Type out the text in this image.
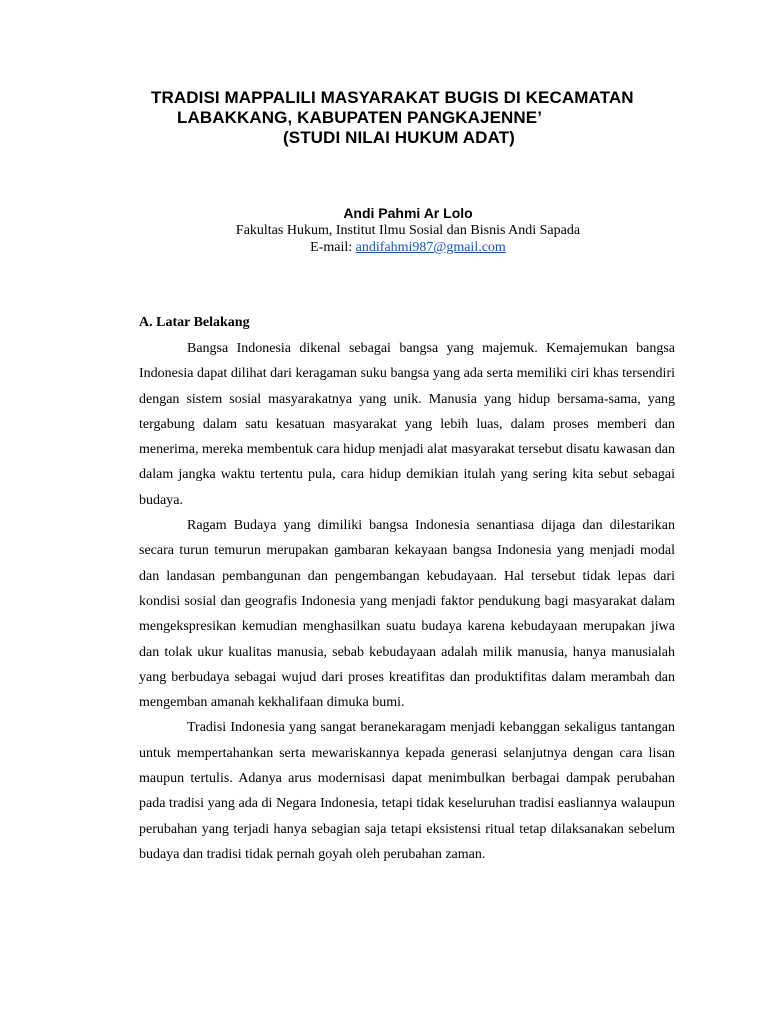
TRADISI MAPPALILI MASYARAKAT BUGIS DI KECAMATAN
LABAKKANG, KABUPATEN PANGKAJENNE’
(STUDI NILAI HUKUM ADAT)
Andi Pahmi Ar Lolo
Fakultas Hukum, Institut Ilmu Sosial dan Bisnis Andi Sapada
E-mail: andifahmi987@gmail.com
A. Latar Belakang

Bangsa Indonesia dikenal sebagai bangsa yang majemuk. Kemajemukan bangsa Indonesia dapat dilihat dari keragaman suku bangsa yang ada serta memiliki ciri khas tersendiri dengan sistem sosial masyarakatnya yang unik. Manusia yang hidup bersama-sama, yang tergabung dalam satu kesatuan masyarakat yang lebih luas, dalam proses memberi dan menerima, mereka membentuk cara hidup menjadi alat masyarakat tersebut disatu kawasan dan dalam jangka waktu tertentu pula, cara hidup demikian itulah yang sering kita sebut sebagai budaya.

Ragam Budaya yang dimiliki bangsa Indonesia senantiasa dijaga dan dilestarikan secara turun temurun merupakan gambaran kekayaan bangsa Indonesia yang menjadi modal dan landasan pembangunan dan pengembangan kebudayaan. Hal tersebut tidak lepas dari kondisi sosial dan geografis Indonesia yang menjadi faktor pendukung bagi masyarakat dalam mengekspresikan kemudian menghasilkan suatu budaya karena kebudayaan merupakan jiwa dan tolak ukur kualitas manusia, sebab kebudayaan adalah milik manusia, hanya manusialah yang berbudaya sebagai wujud dari proses kreatifitas dan produktifitas dalam merambah dan mengemban amanah kekhalifaan dimuka bumi.

Tradisi Indonesia yang sangat beranekaragam menjadi kebanggan sekaligus tantangan untuk mempertahankan serta mewariskannya kepada generasi selanjutnya dengan cara lisan maupun tertulis. Adanya arus modernisasi dapat menimbulkan berbagai dampak perubahan pada tradisi yang ada di Negara Indonesia, tetapi tidak keseluruhan tradisi easliannya walaupun perubahan yang terjadi hanya sebagian saja tetapi eksistensi ritual tetap dilaksanakan sebelum budaya dan tradisi tidak pernah goyah oleh perubahan zaman.
